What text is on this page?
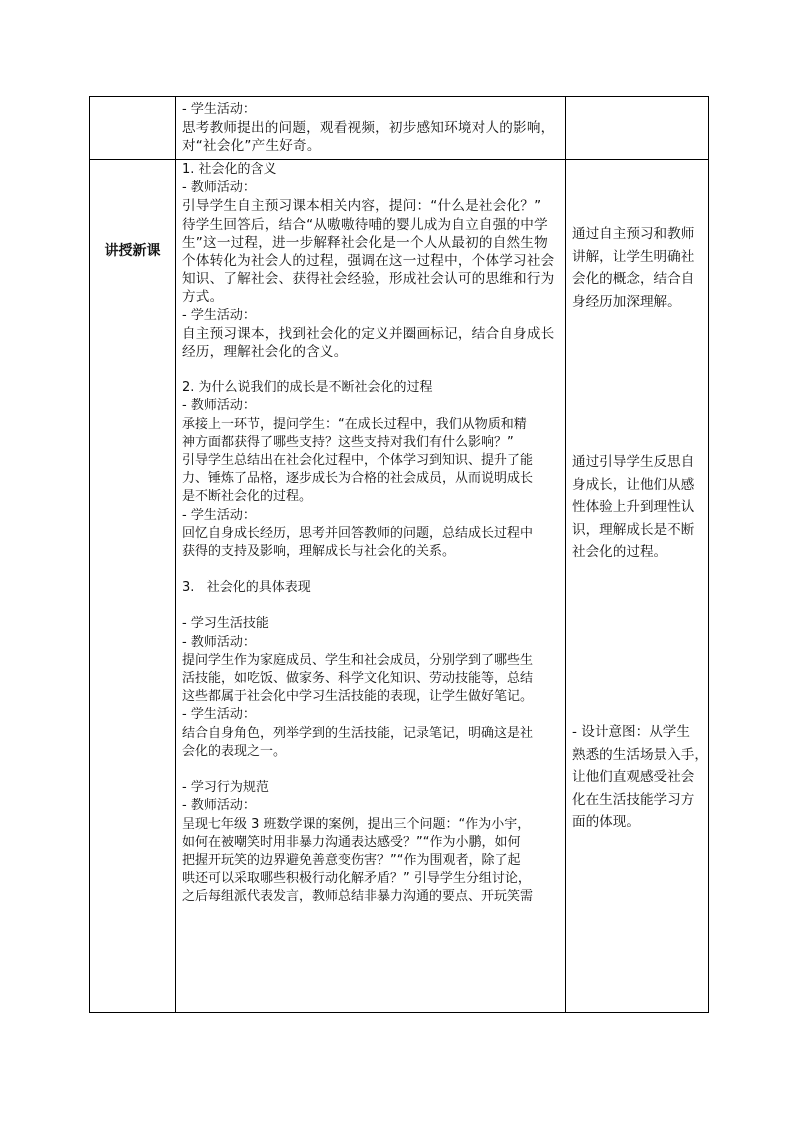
- 学生活动：
思考教师提出的问题，观看视频，初步感知环境对人的影响，
对“社会化”产生好奇。
讲授新课
1. 社会化的含义
- 教师活动：
引导学生自主预习课本相关内容，提问：“什么是社会化？”
待学生回答后，结合“从嗷嗷待哺的婴儿成为自立自强的中学
生”这一过程，进一步解释社会化是一个人从最初的自然生物
个体转化为社会人的过程，强调在这一过程中，个体学习社会
知识、了解社会、获得社会经验，形成社会认可的思维和行为
方式。
- 学生活动：
自主预习课本，找到社会化的定义并圈画标记，结合自身成长
经历，理解社会化的含义。
2. 为什么说我们的成长是不断社会化的过程
- 教师活动：
承接上一环节，提问学生：“在成长过程中，我们从物质和精
神方面都获得了哪些支持？这些支持对我们有什么影响？”
引导学生总结出在社会化过程中，个体学习到知识、提升了能
力、锤炼了品格，逐步成长为合格的社会成员，从而说明成长
是不断社会化的过程。
- 学生活动：
回忆自身成长经历，思考并回答教师的问题，总结成长过程中
获得的支持及影响，理解成长与社会化的关系。
3.   社会化的具体表现
- 学习生活技能
- 教师活动：
提问学生作为家庭成员、学生和社会成员，分别学到了哪些生
活技能，如吃饭、做家务、科学文化知识、劳动技能等，总结
这些都属于社会化中学习生活技能的表现，让学生做好笔记。
- 学生活动：
结合自身角色，列举学到的生活技能，记录笔记，明确这是社
会化的表现之一。
- 学习行为规范
- 教师活动：
呈现七年级 3 班数学课的案例，提出三个问题：“作为小宇，
如何在被嘲笑时用非暴力沟通表达感受？”“作为小鹏，如何
把握开玩笑的边界避免善意变伤害？”“作为围观者，除了起
哄还可以采取哪些积极行动化解矛盾？” 引导学生分组讨论，
之后每组派代表发言，教师总结非暴力沟通的要点、开玩笑需
通过自主预习和教师
讲解，让学生明确社
会化的概念，结合自
身经历加深理解。
通过引导学生反思自
身成长，让他们从感
性体验上升到理性认
识，理解成长是不断
社会化的过程。
- 设计意图：从学生
熟悉的生活场景入手，
让他们直观感受社会
化在生活技能学习方
面的体现。
